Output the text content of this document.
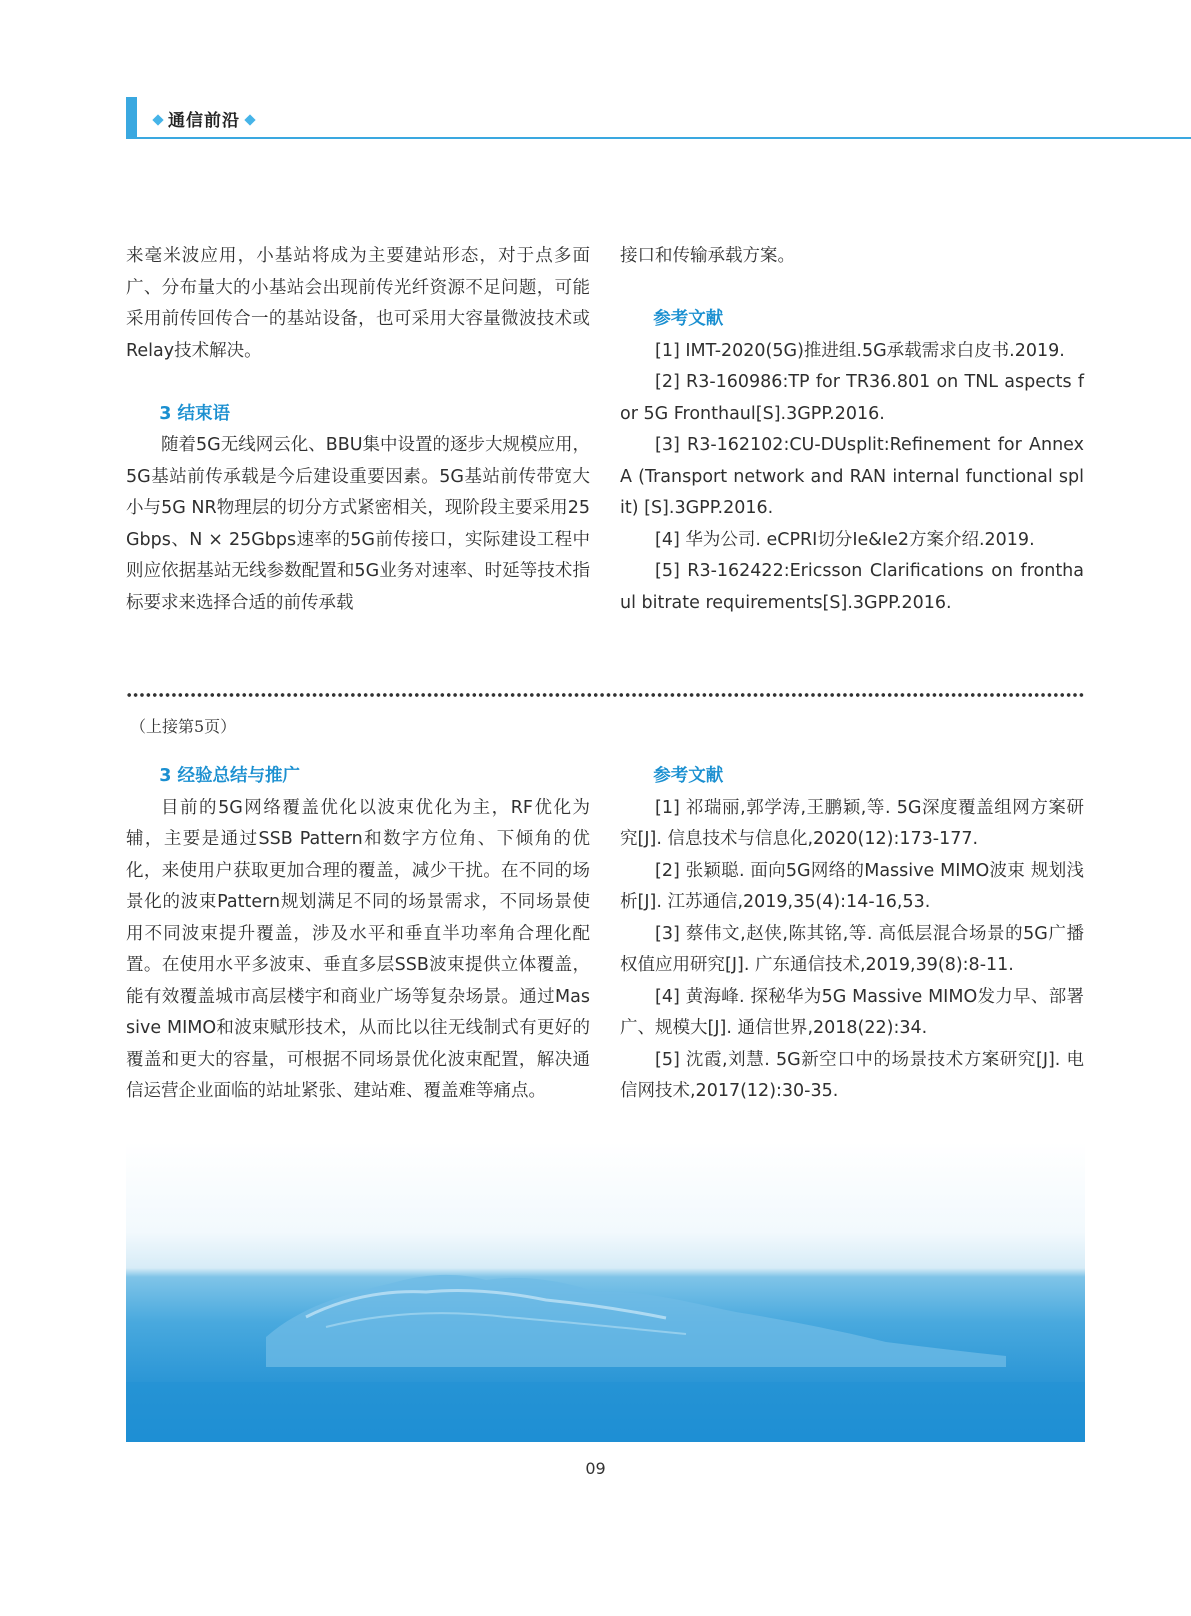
通信前沿

来毫米波应用，小基站将成为主要建站形态，对于点多面广、分布量大的小基站会出现前传光纤资源不足问题，可能采用前传回传合一的基站设备，也可采用大容量微波技术或Relay技术解决。

3 结束语

随着5G无线网云化、BBU集中设置的逐步大规模应用，5G基站前传承载是今后建设重要因素。5G基站前传带宽大小与5G NR物理层的切分方式紧密相关，现阶段主要采用25Gbps、N × 25Gbps速率的5G前传接口，实际建设工程中则应依据基站无线参数配置和5G业务对速率、时延等技术指标要求来选择合适的前传承载

接口和传输承载方案。

参考文献

[1] IMT-2020(5G)推进组.5G承载需求白皮书.2019.

[2] R3-160986:TP for TR36.801 on TNL aspects for 5G Fronthaul[S].3GPP.2016.

[3] R3-162102:CU-DUsplit:Refinement for Annex A (Transport network and RAN internal functional split) [S].3GPP.2016.

[4] 华为公司. eCPRI切分Ie&Ie2方案介绍.2019.

[5] R3-162422:Ericsson Clarifications on fronthaul bitrate requirements[S].3GPP.2016.

（上接第5页）
3 经验总结与推广

目前的5G网络覆盖优化以波束优化为主，RF优化为辅，主要是通过SSB Pattern和数字方位角、下倾角的优化，来使用户获取更加合理的覆盖，减少干扰。在不同的场景化的波束Pattern规划满足不同的场景需求，不同场景使用不同波束提升覆盖，涉及水平和垂直半功率角合理化配置。在使用水平多波束、垂直多层SSB波束提供立体覆盖，能有效覆盖城市高层楼宇和商业广场等复杂场景。通过Massive MIMO和波束赋形技术，从而比以往无线制式有更好的覆盖和更大的容量，可根据不同场景优化波束配置，解决通信运营企业面临的站址紧张、建站难、覆盖难等痛点。

参考文献

[1] 祁瑞丽,郭学涛,王鹏颖,等. 5G深度覆盖组网方案研究[J]. 信息技术与信息化,2020(12):173-177.

[2] 张颖聪. 面向5G网络的Massive MIMO波束 规划浅析[J]. 江苏通信,2019,35(4):14-16,53.

[3] 蔡伟文,赵侠,陈其铭,等. 高低层混合场景的5G广播权值应用研究[J]. 广东通信技术,2019,39(8):8-11.

[4] 黄海峰. 探秘华为5G Massive MIMO发力早、部署广、规模大[J]. 通信世界,2018(22):34.

[5] 沈霞,刘慧. 5G新空口中的场景技术方案研究[J]. 电信网技术,2017(12):30-35.

09
